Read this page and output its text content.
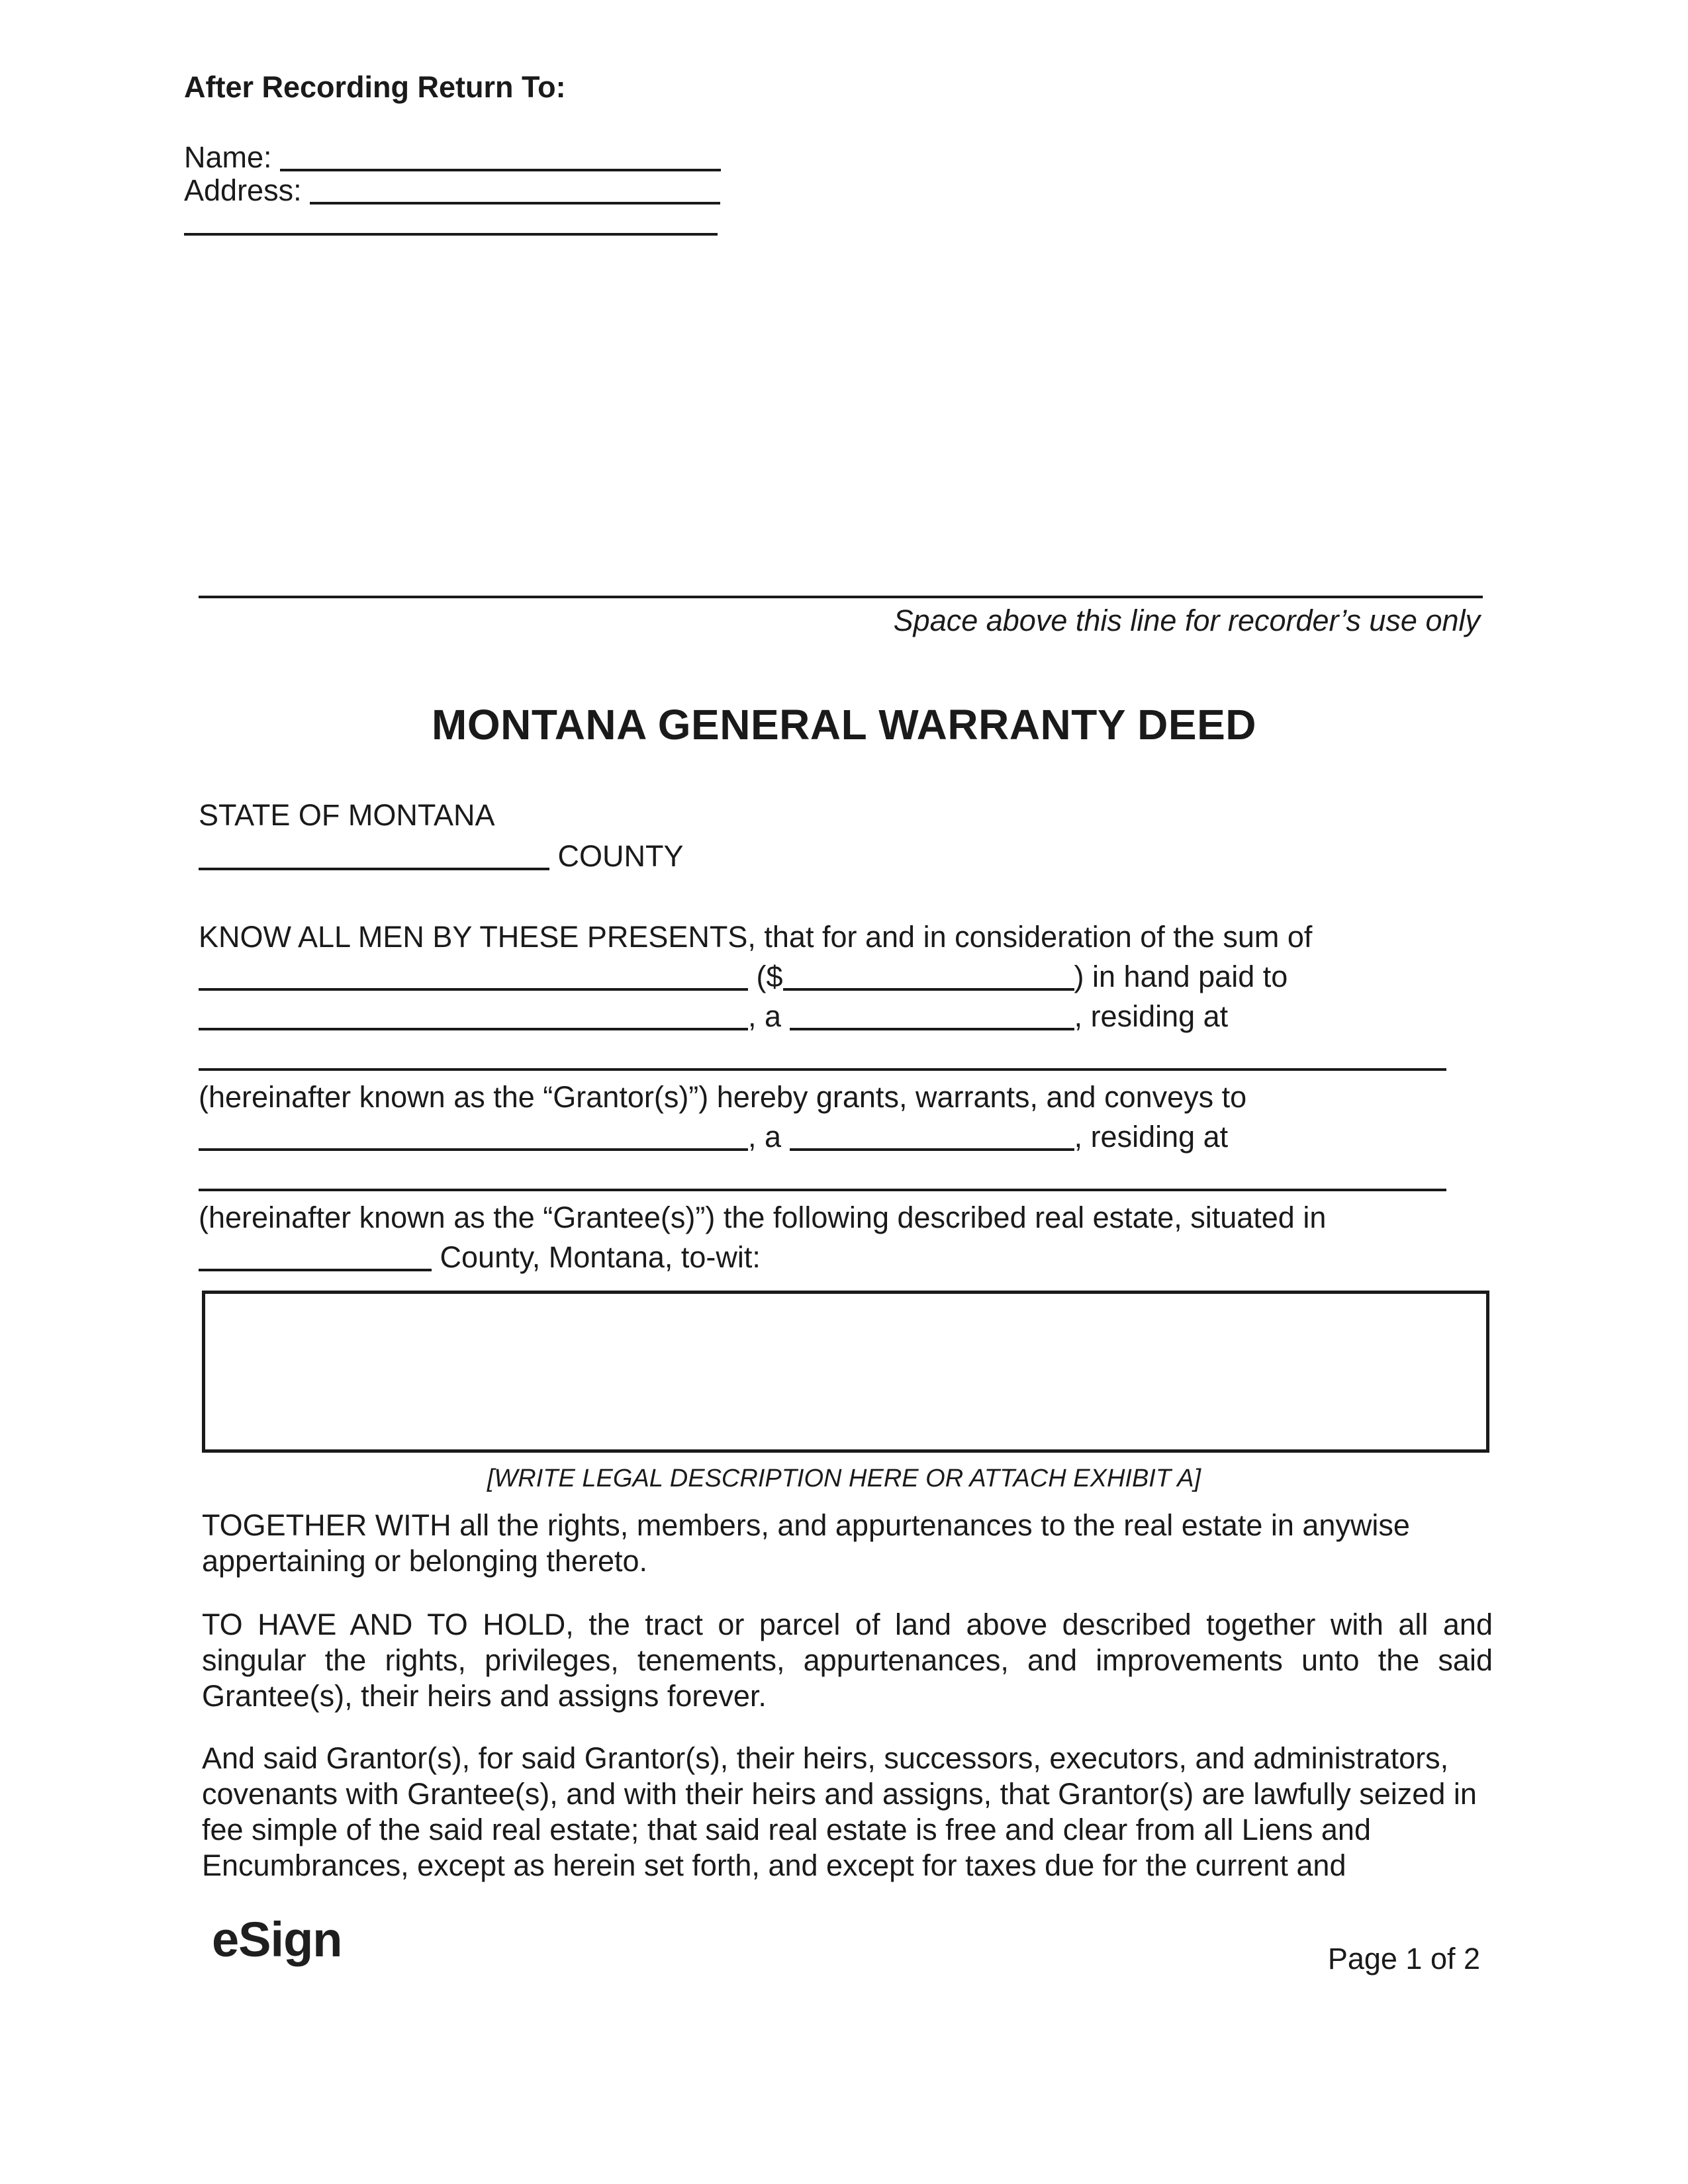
After Recording Return To:
Name:
Address:
Space above this line for recorder’s use only
MONTANA GENERAL WARRANTY DEED
STATE OF MONTANA
COUNTY
KNOW ALL MEN BY THESE PRESENTS, that for and in consideration of the sum of
($	) in hand paid to
, a	, residing at
(hereinafter known as the “Grantor(s)”) hereby grants, warrants, and conveys to
, a	, residing at
(hereinafter known as the “Grantee(s)”) the following described real estate, situated in
County, Montana, to-wit:
[WRITE LEGAL DESCRIPTION HERE OR ATTACH EXHIBIT A]
TOGETHER WITH all the rights, members, and appurtenances to the real estate in anywise appertaining or belonging thereto.
TO HAVE AND TO HOLD, the tract or parcel of land above described together with all and singular the rights, privileges, tenements, appurtenances, and improvements unto the said Grantee(s), their heirs and assigns forever.
And said Grantor(s), for said Grantor(s), their heirs, successors, executors, and administrators, covenants with Grantee(s), and with their heirs and assigns, that Grantor(s) are lawfully seized in fee simple of the said real estate; that said real estate is free and clear from all Liens and Encumbrances, except as herein set forth, and except for taxes due for the current and
eSign	Page 1 of 2
